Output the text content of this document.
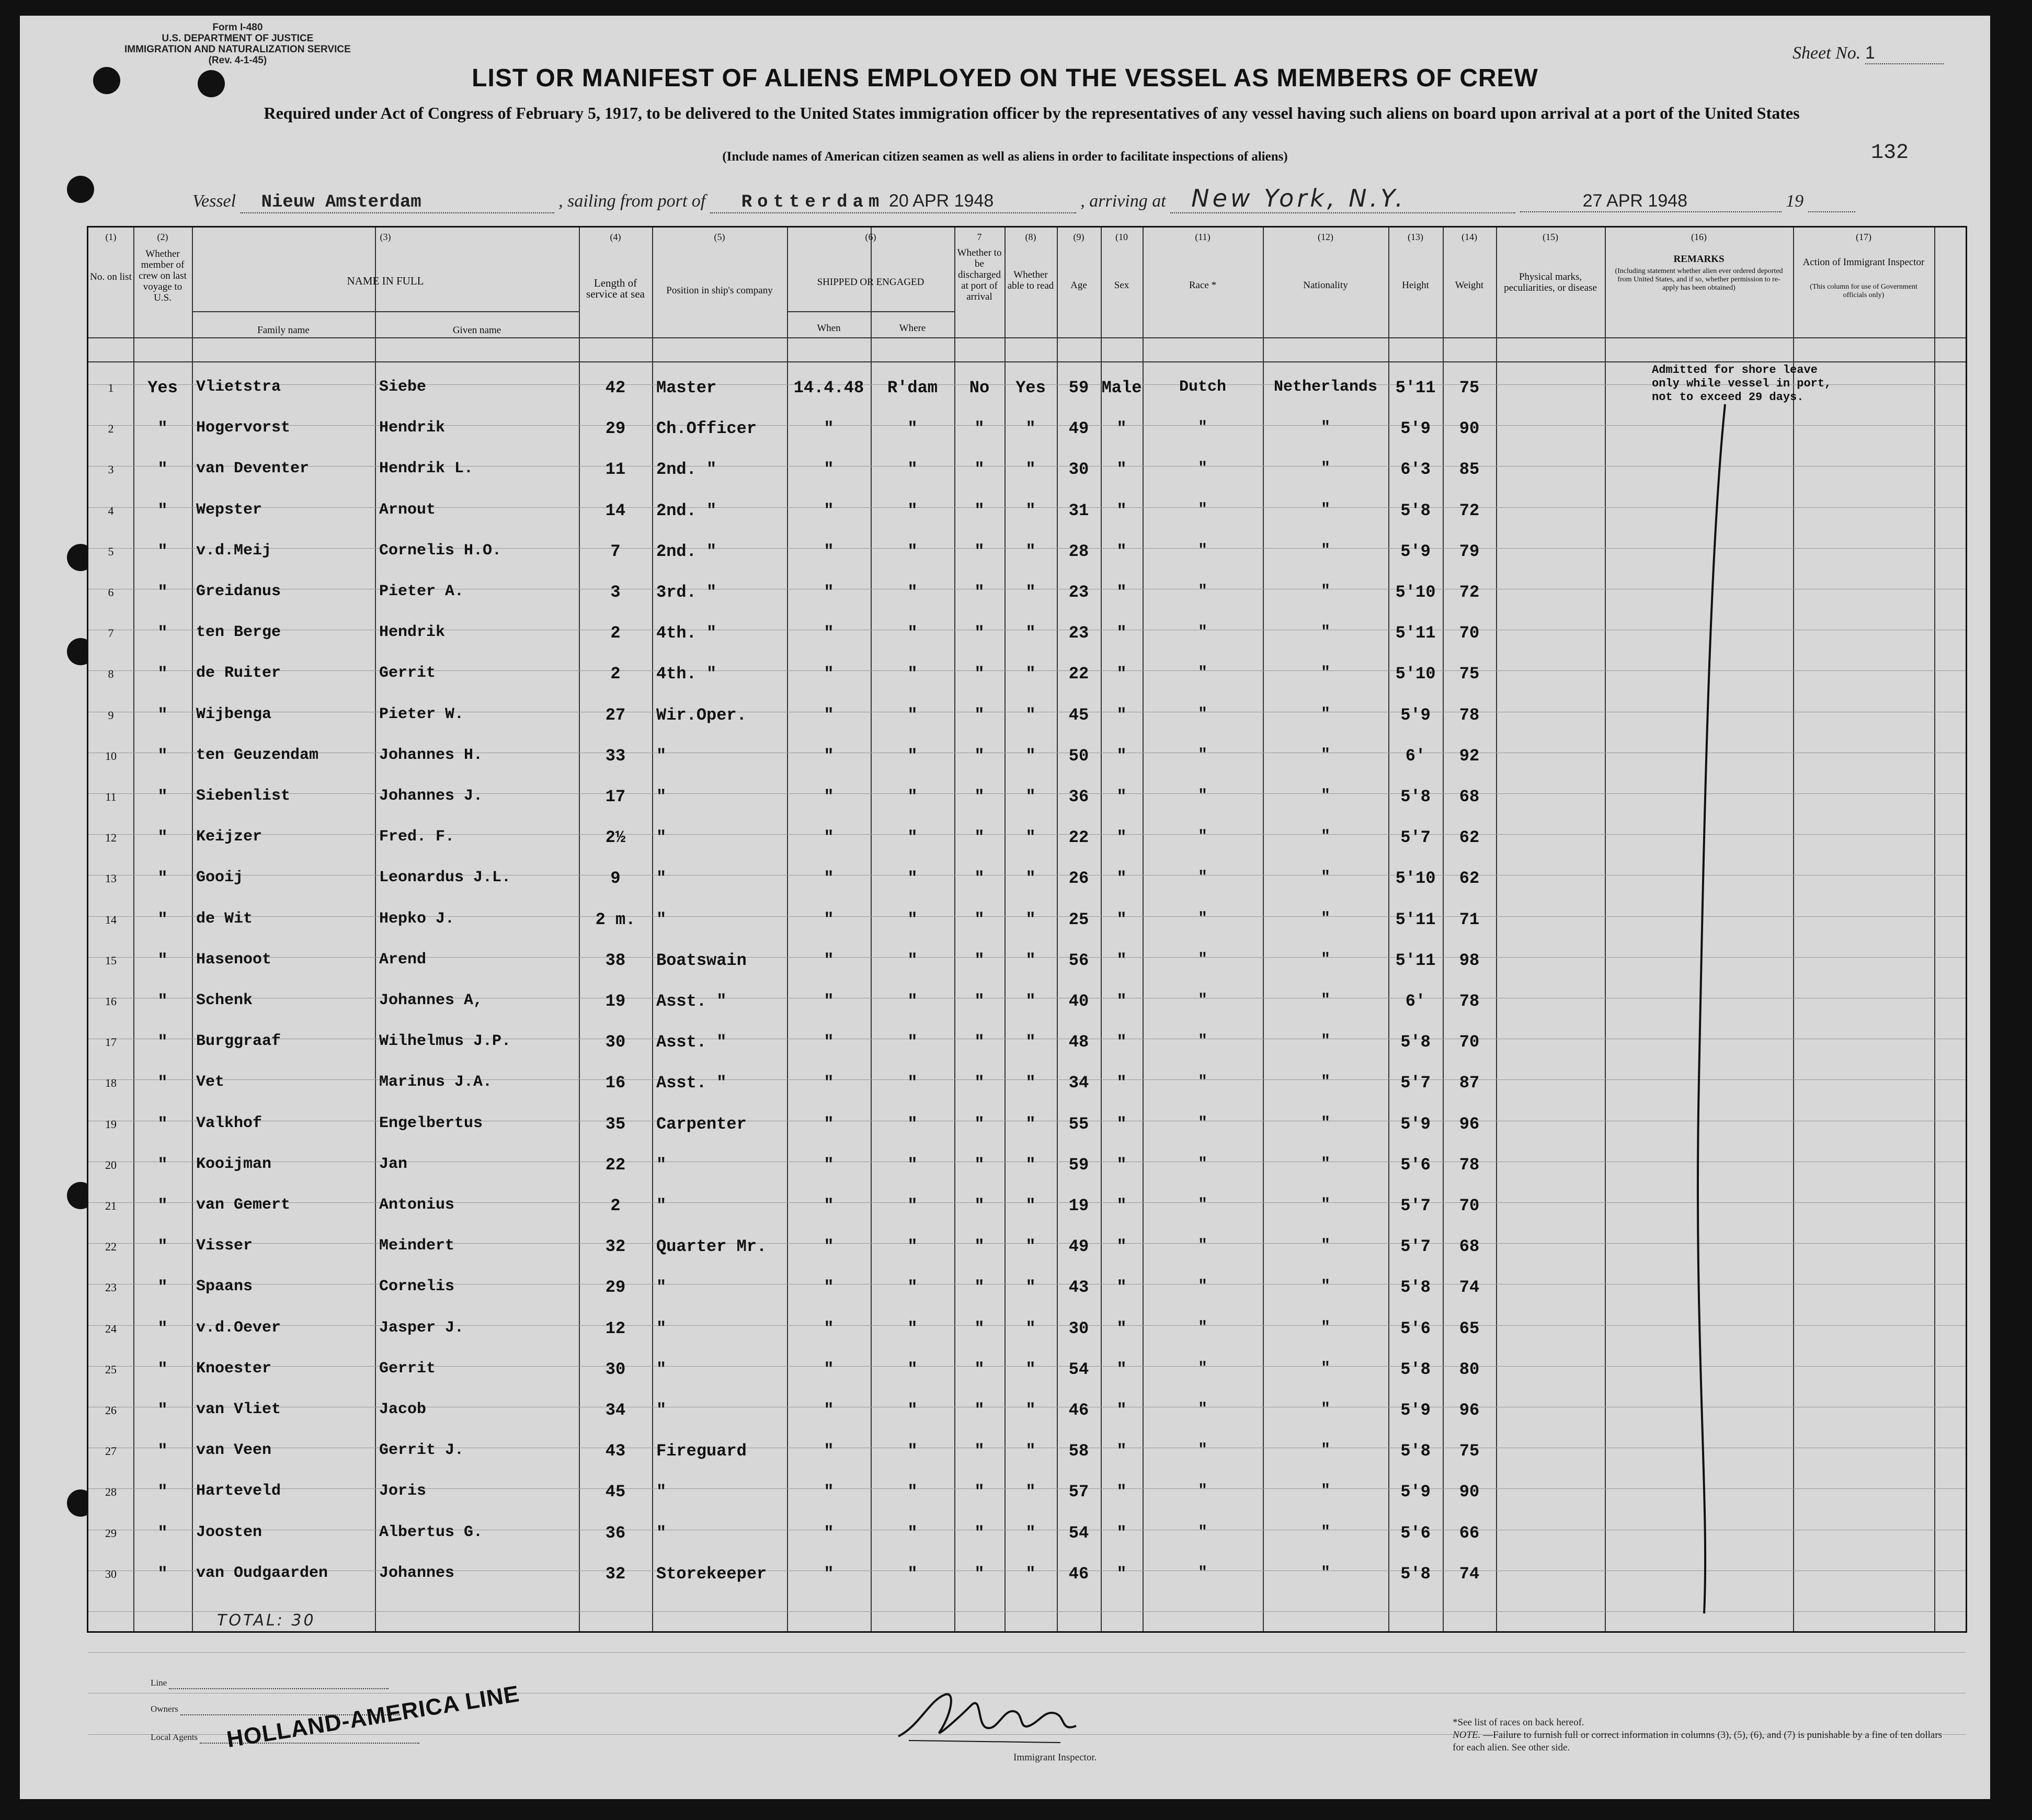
Form I-480
U.S. DEPARTMENT OF JUSTICE
IMMIGRATION AND NATURALIZATION SERVICE
(Rev. 4-1-45)	Sheet No. 1
LIST OR MANIFEST OF ALIENS EMPLOYED ON THE VESSEL AS MEMBERS OF CREW
Required under Act of Congress of February 5, 1917, to be delivered to the United States immigration officer by the representatives of any vessel having such aliens on board upon arrival at a port of the United States
(Include names of American citizen seamen as well as aliens in order to facilitate inspections of aliens)	132
Vessel Nieuw Amsterdam	, sailing from port of Rotterdam 20 APR 1948	, arriving at New York, N.Y.	27 APR 1948	19
(1)
No. on list
(2)
Whether member of crew on last voyage to U.S.
(3)
NAME IN FULL
Family name	Given name
(4)
Length of service at sea
(5)
Position in ship's company
(6)
SHIPPED OR ENGAGED
When	Where
7
Whether to be discharged at port of arrival
(8)
Whether able to read
(9)
Age
(10
Sex
(11)
Race *
(12)
Nationality
(13)
Height
(14)
Weight
(15)
Physical marks, peculiarities, or disease
(16)
REMARKS
(Including statement whether alien ever ordered deported from United States, and if so, whether permission to re-apply has been obtained)
(17)
Action of Immigrant Inspector
(This column for use of Government officials only)
1	Yes	Vlietstra	Siebe	42	Master	14.4.48	R'dam	No	Yes	59 Male	Dutch	Netherlands	5'11	75
2	"	Hogervorst	Hendrik	29	Ch.Officer	"	"	"	"	49	"	"	"	5'9	90
3	"	van Deventer	Hendrik L.	11	2nd. "	"	"	"	"	30	"	"	"	6'3	85
4	"	Wepster	Arnout	14	2nd. "	"	"	"	"	31	"	"	"	5'8	72
5	"	v.d.Meij	Cornelis H.O.	7	2nd. "	"	"	"	"	28	"	"	"	5'9	79
6	"	Greidanus	Pieter A.	3	3rd. "	"	"	"	"	23	"	"	"	5'10	72
7	"	ten Berge	Hendrik	2	4th. "	"	"	"	"	23	"	"	"	5'11	70
8	"	de Ruiter	Gerrit	2	4th. "	"	"	"	"	22	"	"	"	5'10	75
9	"	Wijbenga	Pieter W.	27	Wir.Oper.	"	"	"	"	45	"	"	"	5'9	78
10	"	ten Geuzendam	Johannes H.	33	"	"	"	"	"	50	"	"	"	6'	92
11	"	Siebenlist	Johannes J.	17	"	"	"	"	"	36	"	"	"	5'8	68
12	"	Keijzer	Fred. F.	2½	"	"	"	"	"	22	"	"	"	5'7	62
13	"	Gooij	Leonardus J.L.	9	"	"	"	"	"	26	"	"	"	5'10	62
14	"	de Wit	Hepko J.	2 m.	"	"	"	"	"	25	"	"	"	5'11	71
15	"	Hasenoot	Arend	38	Boatswain	"	"	"	"	56	"	"	"	5'11	98
16	"	Schenk	Johannes A,	19	Asst. "	"	"	"	"	40	"	"	"	6'	78
17	"	Burggraaf	Wilhelmus J.P.	30	Asst. "	"	"	"	"	48	"	"	"	5'8	70
18	"	Vet	Marinus J.A.	16	Asst. "	"	"	"	"	34	"	"	"	5'7	87
19	"	Valkhof	Engelbertus	35	Carpenter	"	"	"	"	55	"	"	"	5'9	96
20	"	Kooijman	Jan	22	"	"	"	"	"	59	"	"	"	5'6	78
21	"	van Gemert	Antonius	2	"	"	"	"	"	19	"	"	"	5'7	70
22	"	Visser	Meindert	32	Quarter Mr.	"	"	"	"	49	"	"	"	5'7	68
23	"	Spaans	Cornelis	29	"	"	"	"	"	43	"	"	"	5'8	74
24	"	v.d.Oever	Jasper J.	12	"	"	"	"	"	30	"	"	"	5'6	65
25	"	Knoester	Gerrit	30	"	"	"	"	"	54	"	"	"	5'8	80
26	"	van Vliet	Jacob	34	"	"	"	"	"	46	"	"	"	5'9	96
27	"	van Veen	Gerrit J.	43	Fireguard	"	"	"	"	58	"	"	"	5'8	75
28	"	Harteveld	Joris	45	"	"	"	"	"	57	"	"	"	5'9	90
29	"	Joosten	Albertus G.	36	"	"	"	"	"	54	"	"	"	5'6	66
30	"	van Oudgaarden	Johannes	32	Storekeeper	"	"	"	"	46	"	"	"	5'8	74
Admitted for shore leave only while vessel in port, not to exceed 29 days.
TOTAL: 30
Line
Owners
Local Agents	HOLLAND-AMERICA LINE
Immigrant Inspector.
*See list of races on back hereof.
NOTE. —Failure to furnish full or correct information in columns (3), (5), (6), and (7) is punishable by a fine of ten dollars for each alien. See other side.
